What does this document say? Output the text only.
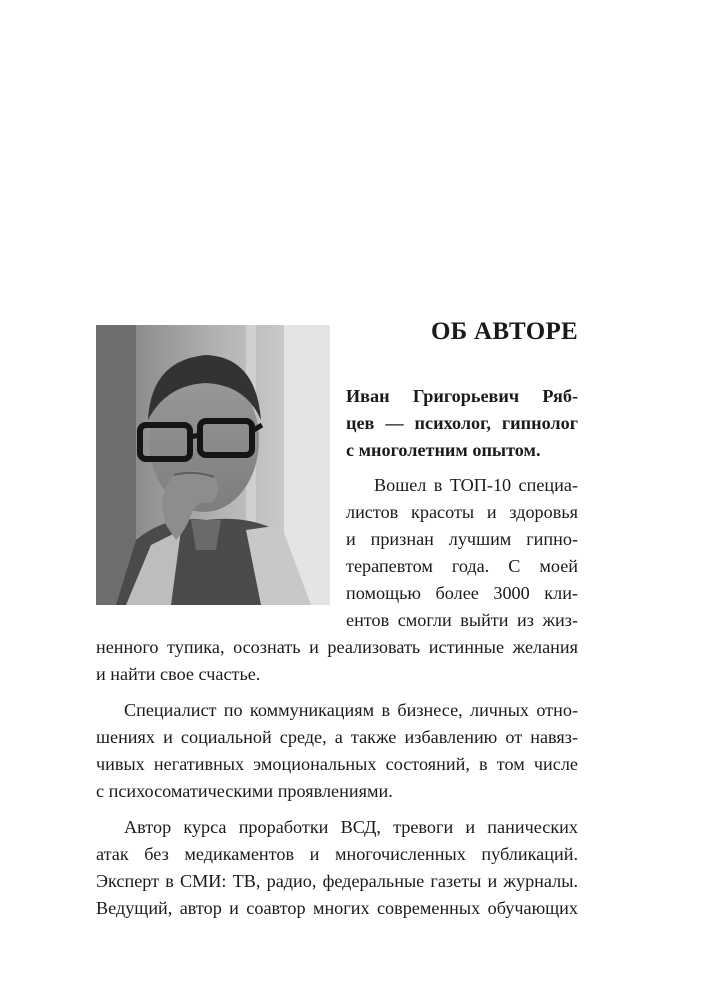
ОБ АВТОРЕ

Иван Григорьевич Ряб-

цев — психолог, гипнолог

с многолетним опытом.

Вошел в ТОП-10 специа-

листов красоты и здоровья

и признан лучшим гипно-

терапевтом года. С моей

помощью более 3000 кли-

ентов смогли выйти из жиз-

ненного тупика, осознать и реализовать истинные желания

и найти свое счастье.

Специалист по коммуникациям в бизнесе, личных отно-

шениях и социальной среде, а также избавлению от навяз-

чивых негативных эмоциональных состояний, в том числе

с психосоматическими проявлениями.

Автор курса проработки ВСД, тревоги и панических

атак без медикаментов и многочисленных публикаций.

Эксперт в СМИ: ТВ, радио, федеральные газеты и журналы.

Ведущий, автор и соавтор многих современных обучающих
